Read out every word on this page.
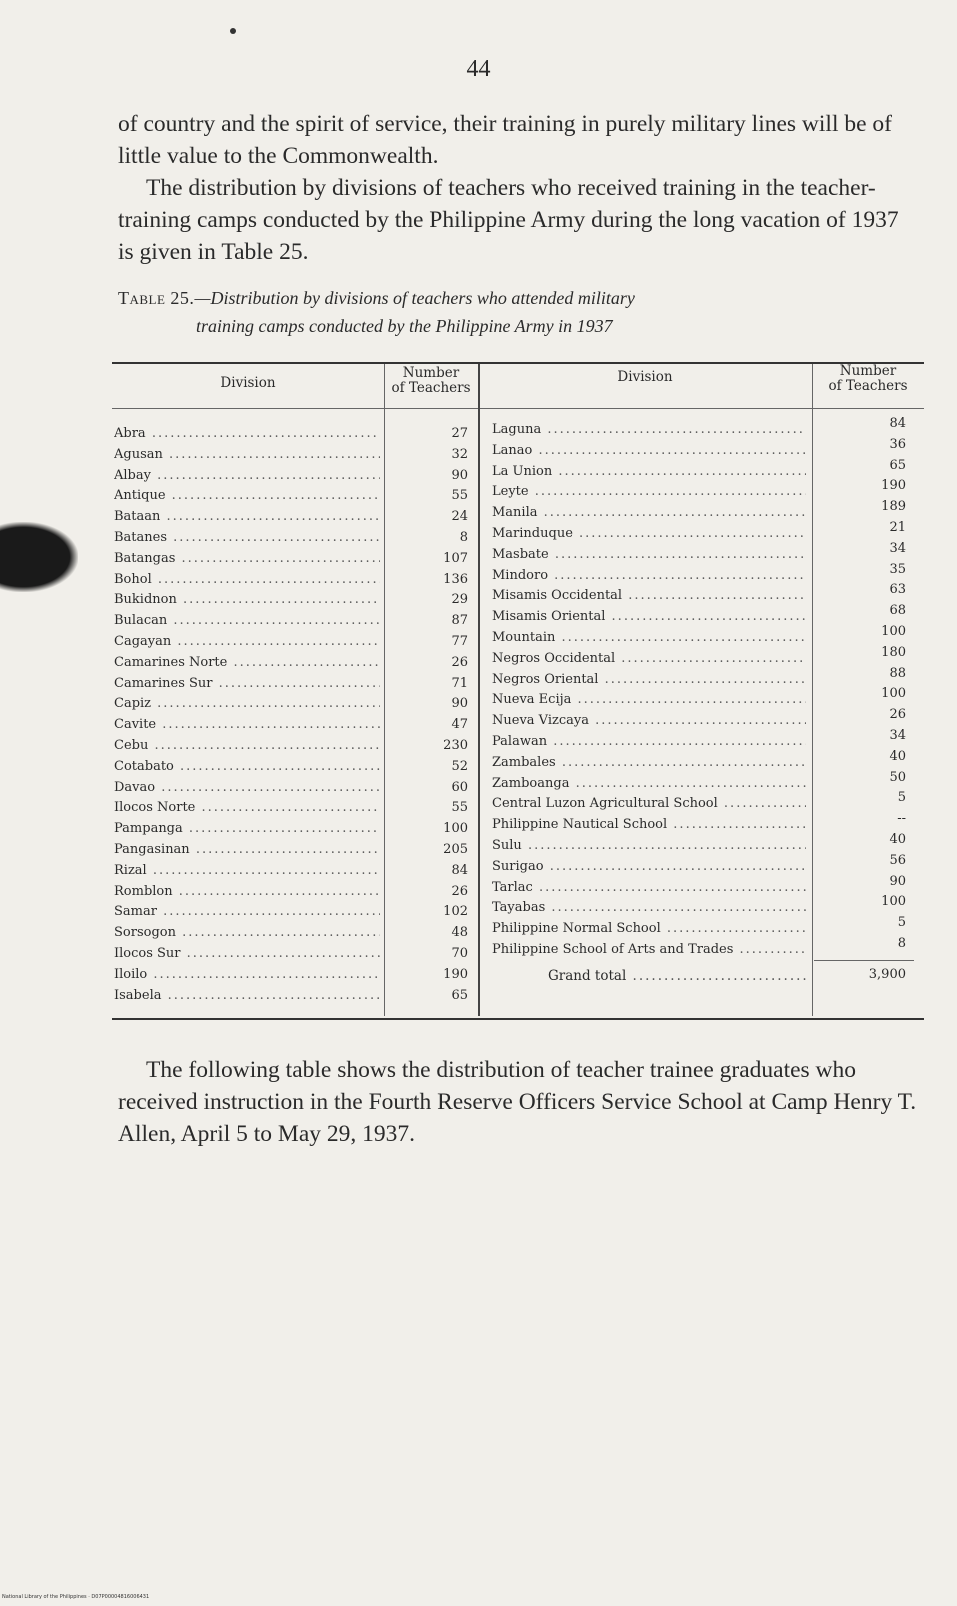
44

of country and the spirit of service, their training in purely military lines will be of little value to the Commonwealth.

The distribution by divisions of teachers who received training in the teacher-training camps conducted by the Philippine Army during the long vacation of 1937 is given in Table 25.

Table 25.—Distribution by divisions of teachers who attended military
training camps conducted by the Philippine Army in 1937
Division
Number
of Teachers
Division	Number
of Teachers
Abra .....	27
Agusan .....	32
Albay .....	90
Antique .....	55
Bataan .....	24
Batanes .....	8
Batangas .....	107
Bohol .....	136
Bukidnon .....	29
Bulacan .....	87
Cagayan .....	77
Camarines Norte .....	26
Camarines Sur .....	71
Capiz .....	90
Cavite .....	47
Cebu .....	230
Cotabato .....	52
Davao .....	60
Ilocos Norte .....	55
Pampanga .....	100
Pangasinan .....	205
Rizal .....	84
Romblon .....	26
Samar .....	102
Sorsogon .....	48
Ilocos Sur .....	70
Iloilo .....	190
Isabela .....	65
Laguna .....	84
Lanao .....	36
La Union .....	65
Leyte .....	190
Manila .....	189
Marinduque .....	21
Masbate .....	34
Mindoro .....	35
Misamis Occidental .....	63
Misamis Oriental .....	68
Mountain .....	100
Negros Occidental .....	180
Negros Oriental .....	88
Nueva Ecija .....	100
Nueva Vizcaya .....	26
Palawan .....	34
Zambales .....	40
Zamboanga .....	50
Central Luzon Agricultural School .....	5
Philippine Nautical School .....	--
Sulu .....	40
Surigao .....	56
Tarlac .....	90
Tayabas .....	100
Philippine Normal School .....	5
Philippine School of Arts and Trades .....	8
Grand total .....	3,900

The following table shows the distribution of teacher trainee graduates who received instruction in the Fourth Reserve Officers Service School at Camp Henry T. Allen, April 5 to May 29, 1937.

National Library of the Philippines · D07P00004816006431
